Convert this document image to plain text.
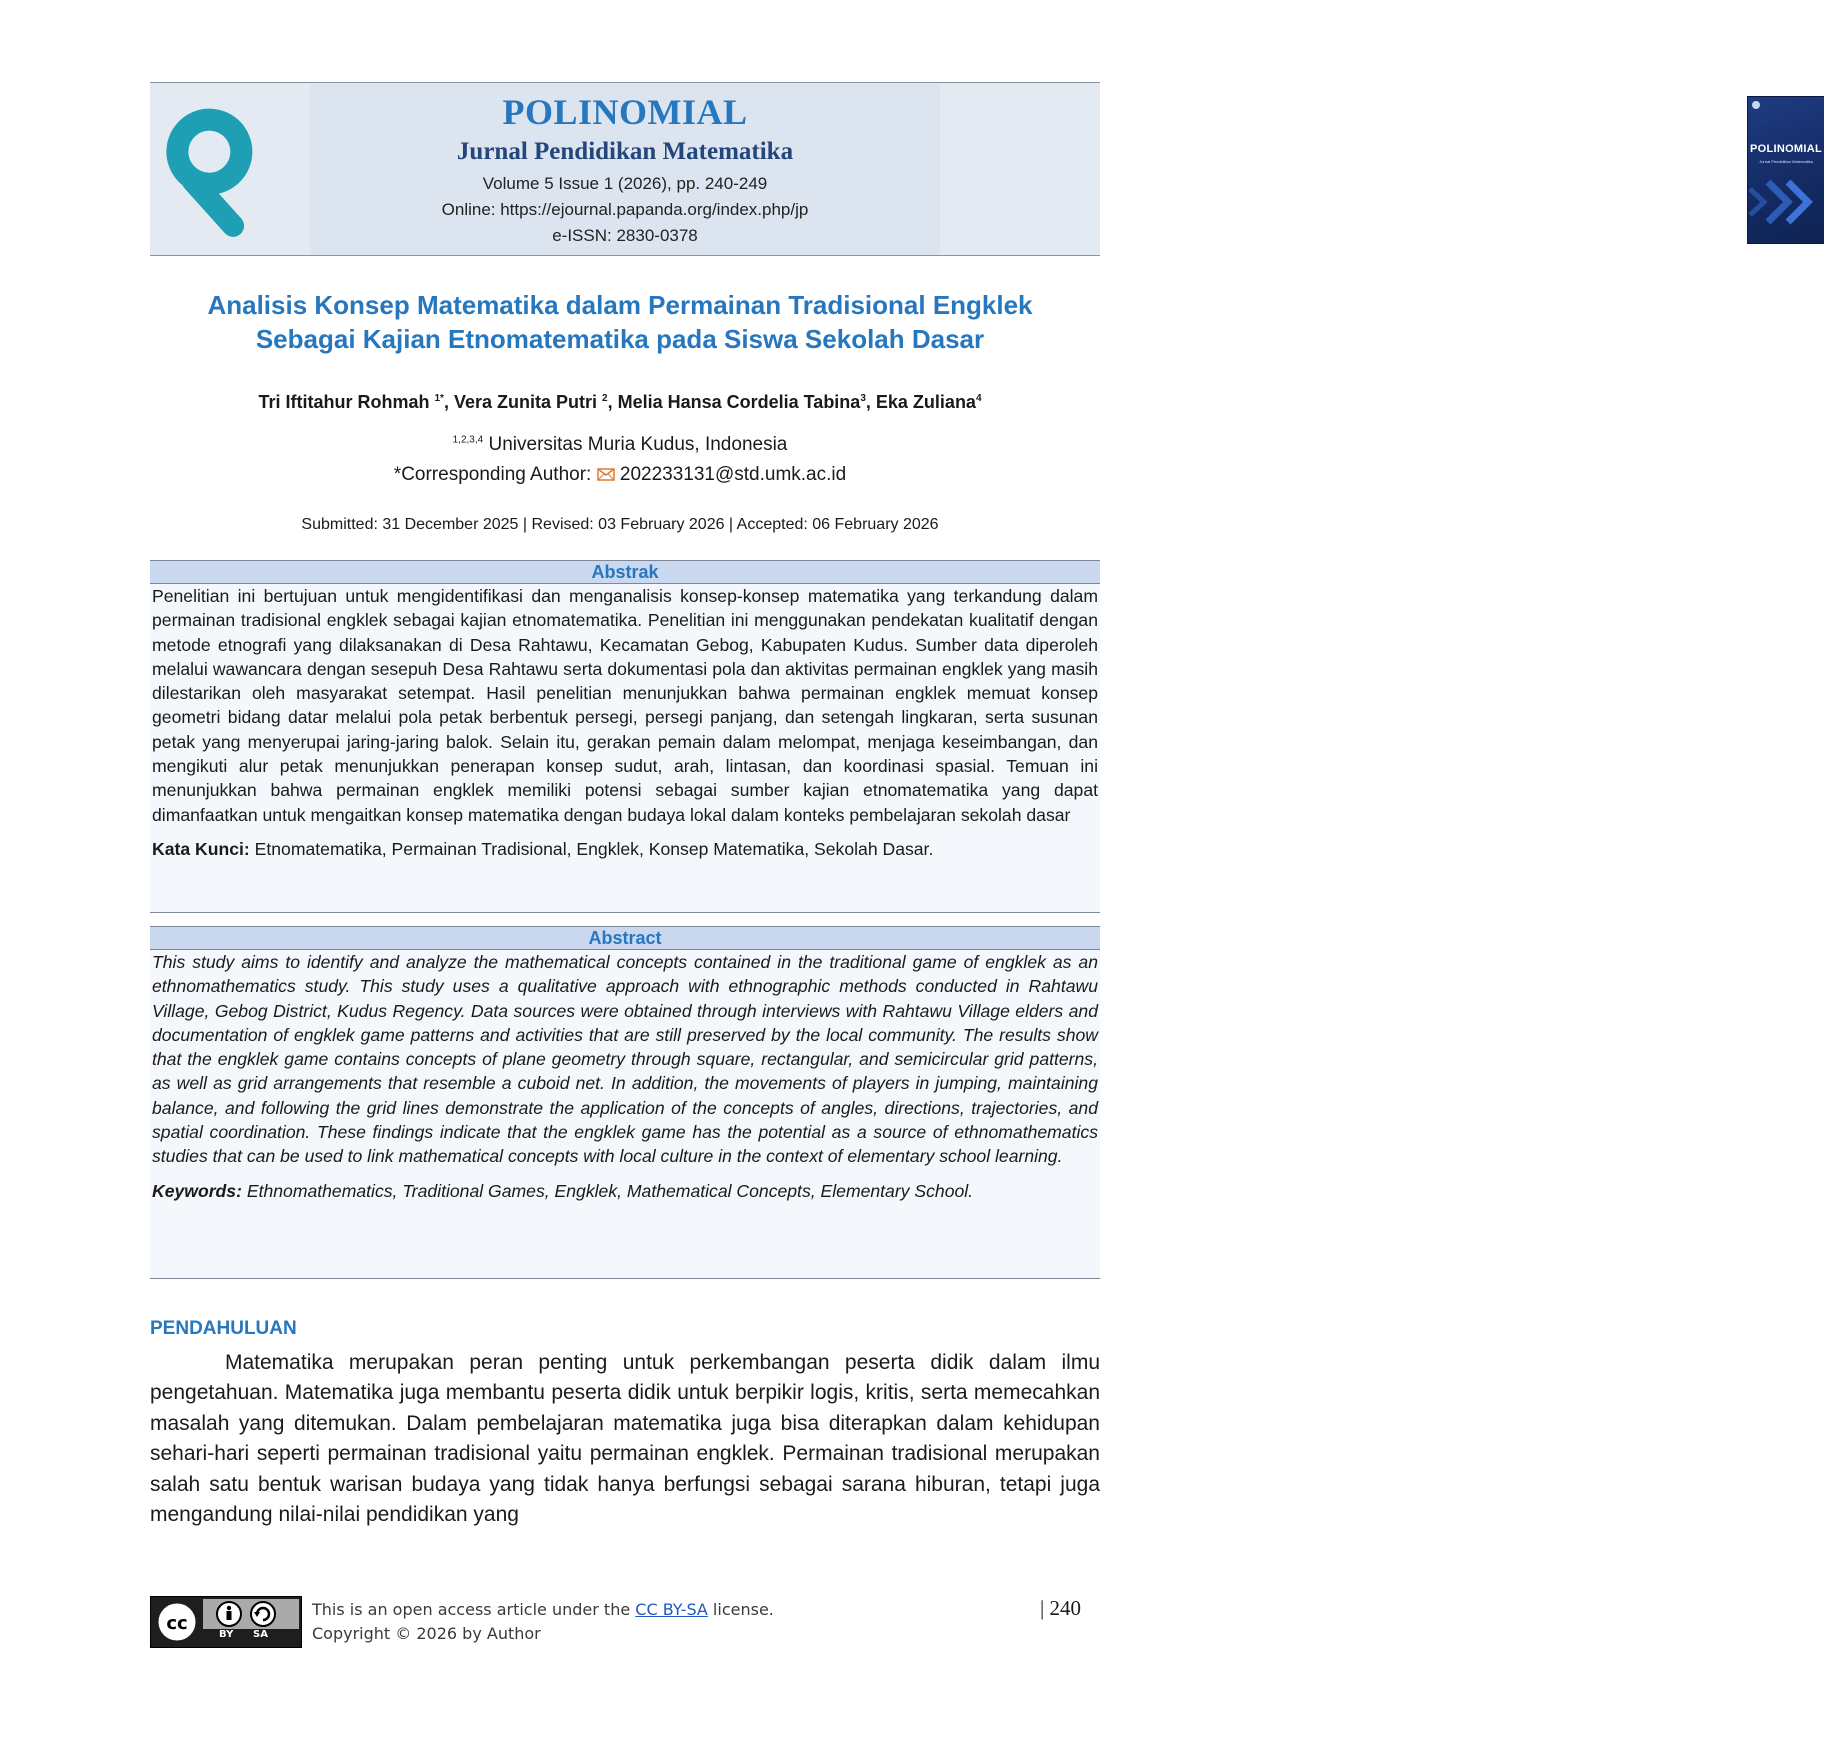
POLINOMIAL
Jurnal Pendidikan Matematika
Volume 5 Issue 1 (2026), pp. 240-249
Online: https://ejournal.papanda.org/index.php/jp
e-ISSN: 2830-0378
POLINOMIAL
Jurnal Pendidikan Matematika
Analisis Konsep Matematika dalam Permainan Tradisional Engklek
Sebagai Kajian Etnomatematika pada Siswa Sekolah Dasar
Tri Iftitahur Rohmah $^{1*}$, Vera Zunita Putri $^2$, Melia Hansa Cordelia Tabina$^3$, Eka Zuliana$^4$
$^{1,2,3,4}$ Universitas Muria Kudus, Indonesia
*Corresponding Author:  202233131@std.umk.ac.id
Submitted: 31 December 2025 | Revised: 03 February 2026 | Accepted: 06 February 2026
Abstrak

Penelitian ini bertujuan untuk mengidentifikasi dan menganalisis konsep-konsep matematika yang terkandung dalam permainan tradisional engklek sebagai kajian etnomatematika. Penelitian ini menggunakan pendekatan kualitatif dengan metode etnografi yang dilaksanakan di Desa Rahtawu, Kecamatan Gebog, Kabupaten Kudus. Sumber data diperoleh melalui wawancara dengan sesepuh Desa Rahtawu serta dokumentasi pola dan aktivitas permainan engklek yang masih dilestarikan oleh masyarakat setempat. Hasil penelitian menunjukkan bahwa permainan engklek memuat konsep geometri bidang datar melalui pola petak berbentuk persegi, persegi panjang, dan setengah lingkaran, serta susunan petak yang menyerupai jaring-jaring balok. Selain itu, gerakan pemain dalam melompat, menjaga keseimbangan, dan mengikuti alur petak menunjukkan penerapan konsep sudut, arah, lintasan, dan koordinasi spasial. Temuan ini menunjukkan bahwa permainan engklek memiliki potensi sebagai sumber kajian etnomatematika yang dapat dimanfaatkan untuk mengaitkan konsep matematika dengan budaya lokal dalam konteks pembelajaran sekolah dasar

Kata Kunci: Etnomatematika, Permainan Tradisional, Engklek, Konsep Matematika, Sekolah Dasar.

Abstract

This study aims to identify and analyze the mathematical concepts contained in the traditional game of engklek as an ethnomathematics study. This study uses a qualitative approach with ethnographic methods conducted in Rahtawu Village, Gebog District, Kudus Regency. Data sources were obtained through interviews with Rahtawu Village elders and documentation of engklek game patterns and activities that are still preserved by the local community. The results show that the engklek game contains concepts of plane geometry through square, rectangular, and semicircular grid patterns, as well as grid arrangements that resemble a cuboid net. In addition, the movements of players in jumping, maintaining balance, and following the grid lines demonstrate the application of the concepts of angles, directions, trajectories, and spatial coordination. These findings indicate that the engklek game has the potential as a source of ethnomathematics studies that can be used to link mathematical concepts with local culture in the context of elementary school learning.

Keywords: Ethnomathematics, Traditional Games, Engklek, Mathematical Concepts, Elementary School.

PENDAHULUAN

Matematika merupakan peran penting untuk perkembangan peserta didik dalam ilmu pengetahuan. Matematika juga membantu peserta didik untuk berpikir logis, kritis, serta memecahkan masalah yang ditemukan. Dalam pembelajaran matematika juga bisa diterapkan dalam kehidupan sehari-hari seperti permainan tradisional yaitu permainan engklek. Permainan tradisional merupakan salah satu bentuk warisan budaya yang tidak hanya berfungsi sebagai sarana hiburan, tetapi juga mengandung nilai-nilai pendidikan yang

cc
BY SA
This is an open access article under the CC BY-SA license.
Copyright © 2026 by Author
| 240
